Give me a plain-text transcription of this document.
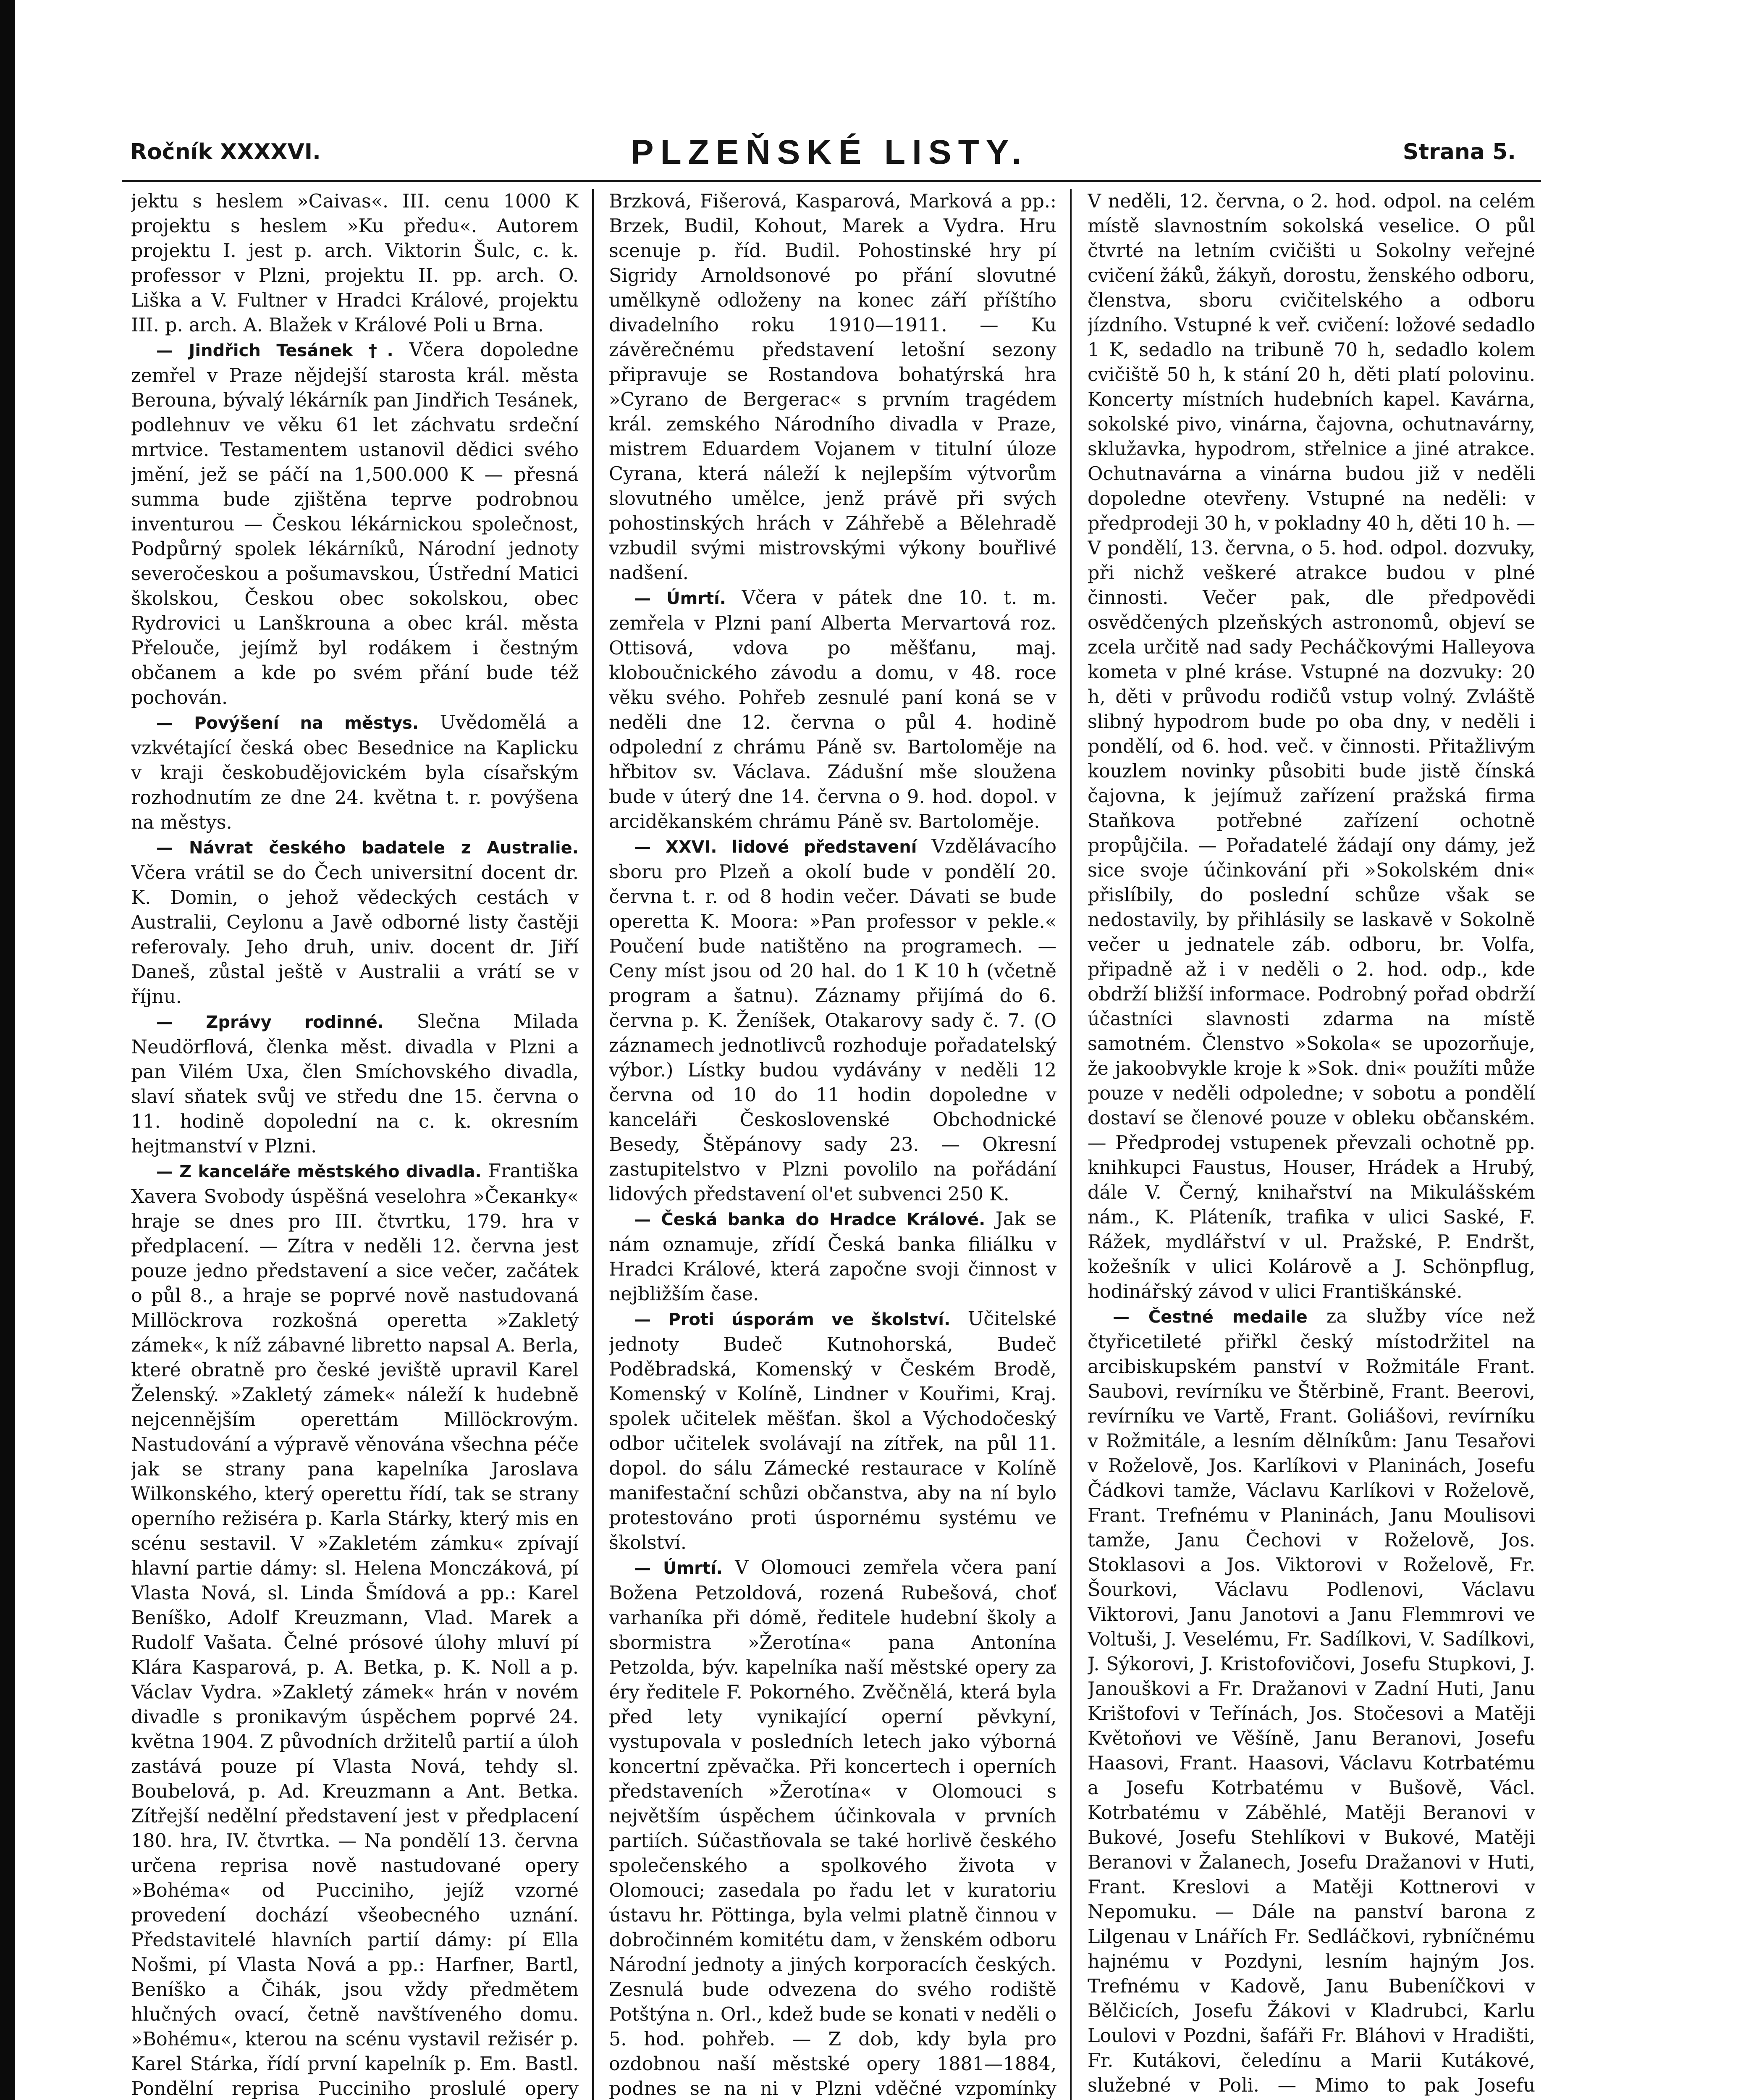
Ročník XXXXVI.	PLZEŇSKÉ LISTY.	Strana 5.

jektu s heslem »Caivas«. III. cenu 1000 K projektu s heslem »Ku předu«. Autorem projektu I. jest p. arch. Viktorin Šulc, c. k. professor v Plzni, projektu II. pp. arch. O. Liška a V. Fultner v Hradci Králové, projektu III. p. arch. A. Blažek v Králové Poli u Brna.

— Jindřich Tesánek †. Včera dopoledne zemřel v Praze nějdejší starosta král. města Berouna, bývalý lékárník pan Jindřich Tesánek, podlehnuv ve věku 61 let záchvatu srdeční mrtvice. Testamentem ustanovil dědici svého jmění, jež se páčí na 1,500.000 K — přesná summa bude zjištěna teprve podrobnou inventurou — Českou lékárnickou společnost, Podpůrný spolek lékárníků, Národní jednoty severočeskou a pošumavskou, Ústřední Matici školskou, Českou obec sokolskou, obec Rydrovici u Lanškrouna a obec král. města Přelouče, jejímž byl rodákem i čestným občanem a kde po svém přání bude též pochován.

— Povýšení na městys. Uvědomělá a vzkvétající česká obec Besednice na Kaplicku v kraji českobudějovickém byla císařským rozhodnutím ze dne 24. května t. r. povýšena na městys.

— Návrat českého badatele z Australie. Včera vrátil se do Čech universitní docent dr. K. Domin, o jehož vědeckých cestách v Australii, Ceylonu a Javě odborné listy častěji referovaly. Jeho druh, univ. docent dr. Jiří Daneš, zůstal ještě v Australii a vrátí se v říjnu.

— Zprávy rodinné. Slečna Milada Neudörflová, členka měst. divadla v Plzni a pan Vilém Uxa, člen Smíchovského divadla, slaví sňatek svůj ve středu dne 15. června o 11. hodině dopolední na c. k. okresním hejtmanství v Plzni.

— Z kanceláře městského divadla. Františka Xavera Svobody úspěšná veselohra »Čeканky« hraje se dnes pro III. čtvrtku, 179. hra v předplacení. — Zítra v neděli 12. června jest pouze jedno představení a sice večer, začátek o půl 8., a hraje se poprvé nově nastudovaná Millöckrova rozkošná operetta »Zakletý zámek«, k níž zábavné libretto napsal A. Berla, které obratně pro české jeviště upravil Karel Želenský. »Zakletý zámek« náleží k hudebně nejcennějším operettám Millöckrovým. Nastudování a výpravě věnována všechna péče jak se strany pana kapelníka Jaroslava Wilkonského, který operettu řídí, tak se strany operního režiséra p. Karla Stárky, který mis en scénu sestavil. V »Zakletém zámku« zpívají hlavní partie dámy: sl. Helena Monczáková, pí Vlasta Nová, sl. Linda Šmídová a pp.: Karel Beníško, Adolf Kreuzmann, Vlad. Marek a Rudolf Vašata. Čelné prósové úlohy mluví pí Klára Kasparová, p. A. Betka, p. K. Noll a p. Václav Vydra. »Zakletý zámek« hrán v novém divadle s pronikavým úspěchem poprvé 24. května 1904. Z původních držitelů partií a úloh zastává pouze pí Vlasta Nová, tehdy sl. Boubelová, p. Ad. Kreuzmann a Ant. Betka. Zítřejší nedělní představení jest v předplacení 180. hra, IV. čtvrtka. — Na pondělí 13. června určena reprisa nově nastudované opery »Bohéma« od Pucciniho, jejíž vzorné provedení dochází všeobecného uznání. Představitelé hlavních partií dámy: pí Ella Nošmi, pí Vlasta Nová a pp.: Harfner, Bartl, Beníško a Čihák, jsou vždy předmětem hlučných ovací, četně navštíveného domu. »Bohému«, kterou na scénu vystavil režisér p. Karel Stárka, řídí první kapelník p. Em. Bastl. Pondělní reprisa Pucciniho proslulé opery

Brzková, Fišerová, Kasparová, Marková a pp.: Brzek, Budil, Kohout, Marek a Vydra. Hru scenuje p. říd. Budil. Pohostinské hry pí Sigridy Arnoldsonové po přání slovutné umělkyně odloženy na konec září příštího divadelního roku 1910—1911. — Ku závěrečnému představení letošní sezony připravuje se Rostandova bohatýrská hra »Cyrano de Bergerac« s prvním tragédem král. zemského Národního divadla v Praze, mistrem Eduardem Vojanem v titulní úloze Cyrana, která náleží k nejlepším výtvorům slovutného umělce, jenž právě při svých pohostinských hrách v Záhřebě a Bělehradě vzbudil svými mistrovskými výkony bouřlivé nadšení.

— Úmrtí. Včera v pátek dne 10. t. m. zemřela v Plzni paní Alberta Mervartová roz. Ottisová, vdova po měšťanu, maj. kloboučnického závodu a domu, v 48. roce věku svého. Pohřeb zesnulé paní koná se v neděli dne 12. června o půl 4. hodině odpolední z chrámu Páně sv. Bartoloměje na hřbitov sv. Václava. Zádušní mše sloužena bude v úterý dne 14. června o 9. hod. dopol. v arciděkanském chrámu Páně sv. Bartoloměje.

— XXVI. lidové představení Vzdělávacího sboru pro Plzeň a okolí bude v pondělí 20. června t. r. od 8 hodin večer. Dávati se bude operetta K. Moora: »Pan professor v pekle.« Poučení bude natištěno na programech. — Ceny míst jsou od 20 hal. do 1 K 10 h (včetně program a šatnu). Záznamy přijímá do 6. června p. K. Ženíšek, Otakarovy sady č. 7. (O záznamech jednotlivců rozhoduje pořadatelský výbor.) Lístky budou vydávány v neděli 12 června od 10 do 11 hodin dopoledne v kanceláři Československé Obchodnické Besedy, Štěpánovy sady 23. — Okresní zastupitelstvo v Plzni povolilo na pořádání lidových představení ol'et subvenci 250 K.

— Česká banka do Hradce Králové. Jak se nám oznamuje, zřídí Česká banka filiálku v Hradci Králové, která započne svoji činnost v nejbližším čase.

— Proti úsporám ve školství. Učitelské jednoty Budeč Kutnohorská, Budeč Poděbradská, Komenský v Českém Brodě, Komenský v Kolíně, Lindner v Kouřimi, Kraj. spolek učitelek měšťan. škol a Východočeský odbor učitelek svolávají na zítřek, na půl 11. dopol. do sálu Zámecké restaurace v Kolíně manifestační schůzi občanstva, aby na ní bylo protestováno proti úspornému systému ve školství.

— Úmrtí. V Olomouci zemřela včera paní Božena Petzoldová, rozená Rubešová, choť varhaníka při dómě, ředitele hudební školy a sbormistra »Žerotína« pana Antonína Petzolda, býv. kapelníka naší městské opery za éry ředitele F. Pokorného. Zvěčnělá, která byla před lety vynikající operní pěvkyní, vystupovala v posledních letech jako výborná koncertní zpěvačka. Při koncertech i operních představeních »Žerotína« v Olomouci s největším úspěchem účinkovala v prvních partiích. Súčastňovala se také horlivě českého společenského a spolkového života v Olomouci; zasedala po řadu let v kuratoriu ústavu hr. Pöttinga, byla velmi platně činnou v dobročinném komitétu dam, v ženském odboru Národní jednoty a jiných korporacích českých. Zesnulá bude odvezena do svého rodiště Potštýna n. Orl., kdež bude se konati v neděli o 5. hod. pohřeb. — Z dob, kdy byla pro ozdobnou naší městské opery 1881—1884, podnes se na ni v Plzni vděčné vzpomínky

V neděli, 12. června, o 2. hod. odpol. na celém místě slavnostním sokolská veselice. O půl čtvrté na letním cvičišti u Sokolny veřejné cvičení žáků, žákyň, dorostu, ženského odboru, členstva, sboru cvičitelského a odboru jízdního. Vstupné k veř. cvičení: ložové sedadlo 1 K, sedadlo na tribuně 70 h, sedadlo kolem cvičiště 50 h, k stání 20 h, děti platí polovinu. Koncerty místních hudebních kapel. Kavárna, sokolské pivo, vinárna, čajovna, ochutnavárny, sklužavka, hypodrom, střelnice a jiné atrakce. Ochutnavárna a vinárna budou již v neděli dopoledne otevřeny. Vstupné na neděli: v předprodeji 30 h, v pokladny 40 h, děti 10 h. — V pondělí, 13. června, o 5. hod. odpol. dozvuky, při nichž veškeré atrakce budou v plné činnosti. Večer pak, dle předpovědi osvědčených plzeňských astronomů, objeví se zcela určitě nad sady Pecháčkovými Halleyova kometa v plné kráse. Vstupné na dozvuky: 20 h, děti v průvodu rodičů vstup volný. Zvláště slibný hypodrom bude po oba dny, v neděli i pondělí, od 6. hod. več. v činnosti. Přitažlivým kouzlem novinky působiti bude jistě čínská čajovna, k jejímuž zařízení pražská firma Staňkova potřebné zařízení ochotně propůjčila. — Pořadatelé žádají ony dámy, jež sice svoje účinkování při »Sokolském dni« přislíbily, do poslední schůze však se nedostavily, by přihlásily se laskavě v Sokolně večer u jednatele záb. odboru, br. Volfa, připadně až i v neděli o 2. hod. odp., kde obdrží bližší informace. Podrobný pořad obdrží účastníci slavnosti zdarma na místě samotném. Členstvo »Sokola« se upozorňuje, že jakoobvykle kroje k »Sok. dni« použíti může pouze v neděli odpoledne; v sobotu a pondělí dostaví se členové pouze v obleku občanském. — Předprodej vstupenek převzali ochotně pp. knihkupci Faustus, Houser, Hrádek a Hrubý, dále V. Černý, knihařství na Mikulášském nám., K. Pláteník, trafika v ulici Saské, F. Rážek, mydlářství v ul. Pražské, P. Endršt, kožešník v ulici Kolárově a J. Schönpflug, hodinářský závod v ulici Františkánské.

— Čestné medaile za služby více než čtyřicetileté přiřkl český místodržitel na arcibiskupském panství v Rožmitále Frant. Saubovi, revírníku ve Štěrbině, Frant. Beerovi, revírníku ve Vartě, Frant. Goliášovi, revírníku v Rožmitále, a lesním dělníkům: Janu Tesařovi v Roželově, Jos. Karlíkovi v Planinách, Josefu Čádkovi tamže, Václavu Karlíkovi v Roželově, Frant. Trefnému v Planinách, Janu Moulisovi tamže, Janu Čechovi v Roželově, Jos. Stoklasovi a Jos. Viktorovi v Roželově, Fr. Šourkovi, Václavu Podlenovi, Václavu Viktorovi, Janu Janotovi a Janu Flemmrovi ve Voltuši, J. Veselému, Fr. Sadílkovi, V. Sadílkovi, J. Sýkorovi, J. Kristofovičovi, Josefu Stupkovi, J. Janouškovi a Fr. Dražanovi v Zadní Huti, Janu Krištofovi v Teřínách, Jos. Stočesovi a Matěji Květoňovi ve Věšíně, Janu Beranovi, Josefu Haasovi, Frant. Haasovi, Václavu Kotrbatému a Josefu Kotrbatému v Bušově, Václ. Kotrbatému v Záběhlé, Matěji Beranovi v Bukové, Josefu Stehlíkovi v Bukové, Matěji Beranovi v Žalanech, Josefu Dražanovi v Huti, Frant. Kreslovi a Matěji Kottnerovi v Nepomuku. — Dále na panství barona z Lilgenau v Lnářích Fr. Sedláčkovi, rybníčnému hajnému v Pozdyni, lesním hajným Jos. Trefnému v Kadově, Janu Bubeníčkovi v Bělčicích, Josefu Žákovi v Kladrubci, Karlu Loulovi v Pozdni, šafáři Fr. Bláhovi v Hradišti, Fr. Kutákovi, čeledínu a Marii Kutákové, služebné v Poli. — Mimo to pak Josefu
